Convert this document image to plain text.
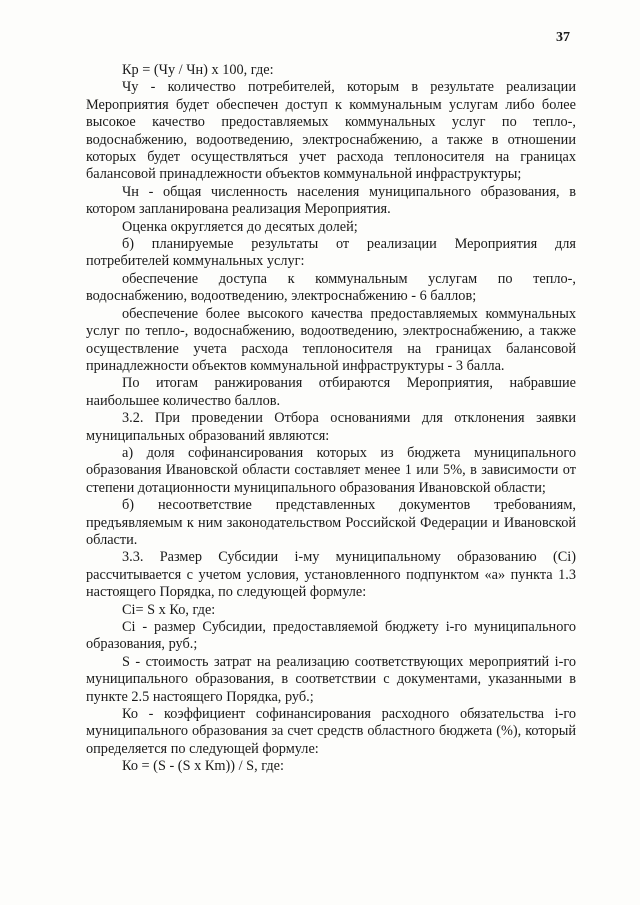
37

Кр = (Чу / Чн) х 100, где:

Чу - количество потребителей, которым в результате реализации Мероприятия будет обеспечен доступ к коммунальным услугам либо более высокое качество предоставляемых коммунальных услуг по тепло-, водоснабжению, водоотведению, электроснабжению, а также в отношении которых будет осуществляться учет расхода теплоносителя на границах балансовой принадлежности объектов коммунальной инфраструктуры;

Чн - общая численность населения муниципального образования, в котором запланирована реализация Мероприятия.

Оценка округляется до десятых долей;

б) планируемые результаты от реализации Мероприятия для потребителей коммунальных услуг:

обеспечение доступа к коммунальным услугам по тепло-, водоснабжению, водоотведению, электроснабжению - 6 баллов;

обеспечение более высокого качества предоставляемых коммунальных услуг по тепло-, водоснабжению, водоотведению, электроснабжению, а также осуществление учета расхода теплоносителя на границах балансовой принадлежности объектов коммунальной инфраструктуры - 3 балла.

По итогам ранжирования отбираются Мероприятия, набравшие наибольшее количество баллов.

3.2. При проведении Отбора основаниями для отклонения заявки муниципальных образований являются:

а) доля софинансирования которых из бюджета муниципального образования Ивановской области составляет менее 1 или 5%, в зависимости от степени дотационности муниципального образования Ивановской области;

б) несоответствие представленных документов требованиям, предъявляемым к ним законодательством Российской Федерации и Ивановской области.

3.3. Размер Субсидии i-му муниципальному образованию (Ci) рассчитывается с учетом условия, установленного подпунктом «а» пункта 1.3 настоящего Порядка, по следующей формуле:

Ci= S х Ко, где:

Ci - размер Субсидии, предоставляемой бюджету i-го муниципального образования, руб.;

S - стоимость затрат на реализацию соответствующих мероприятий i-го муниципального образования, в соответствии с документами, указанными в пункте 2.5 настоящего Порядка, руб.;

Ко - коэффициент софинансирования расходного обязательства i-го муниципального образования за счет средств областного бюджета (%), который определяется по следующей формуле:

Ко = (S - (S х Кm)) / S, где:
